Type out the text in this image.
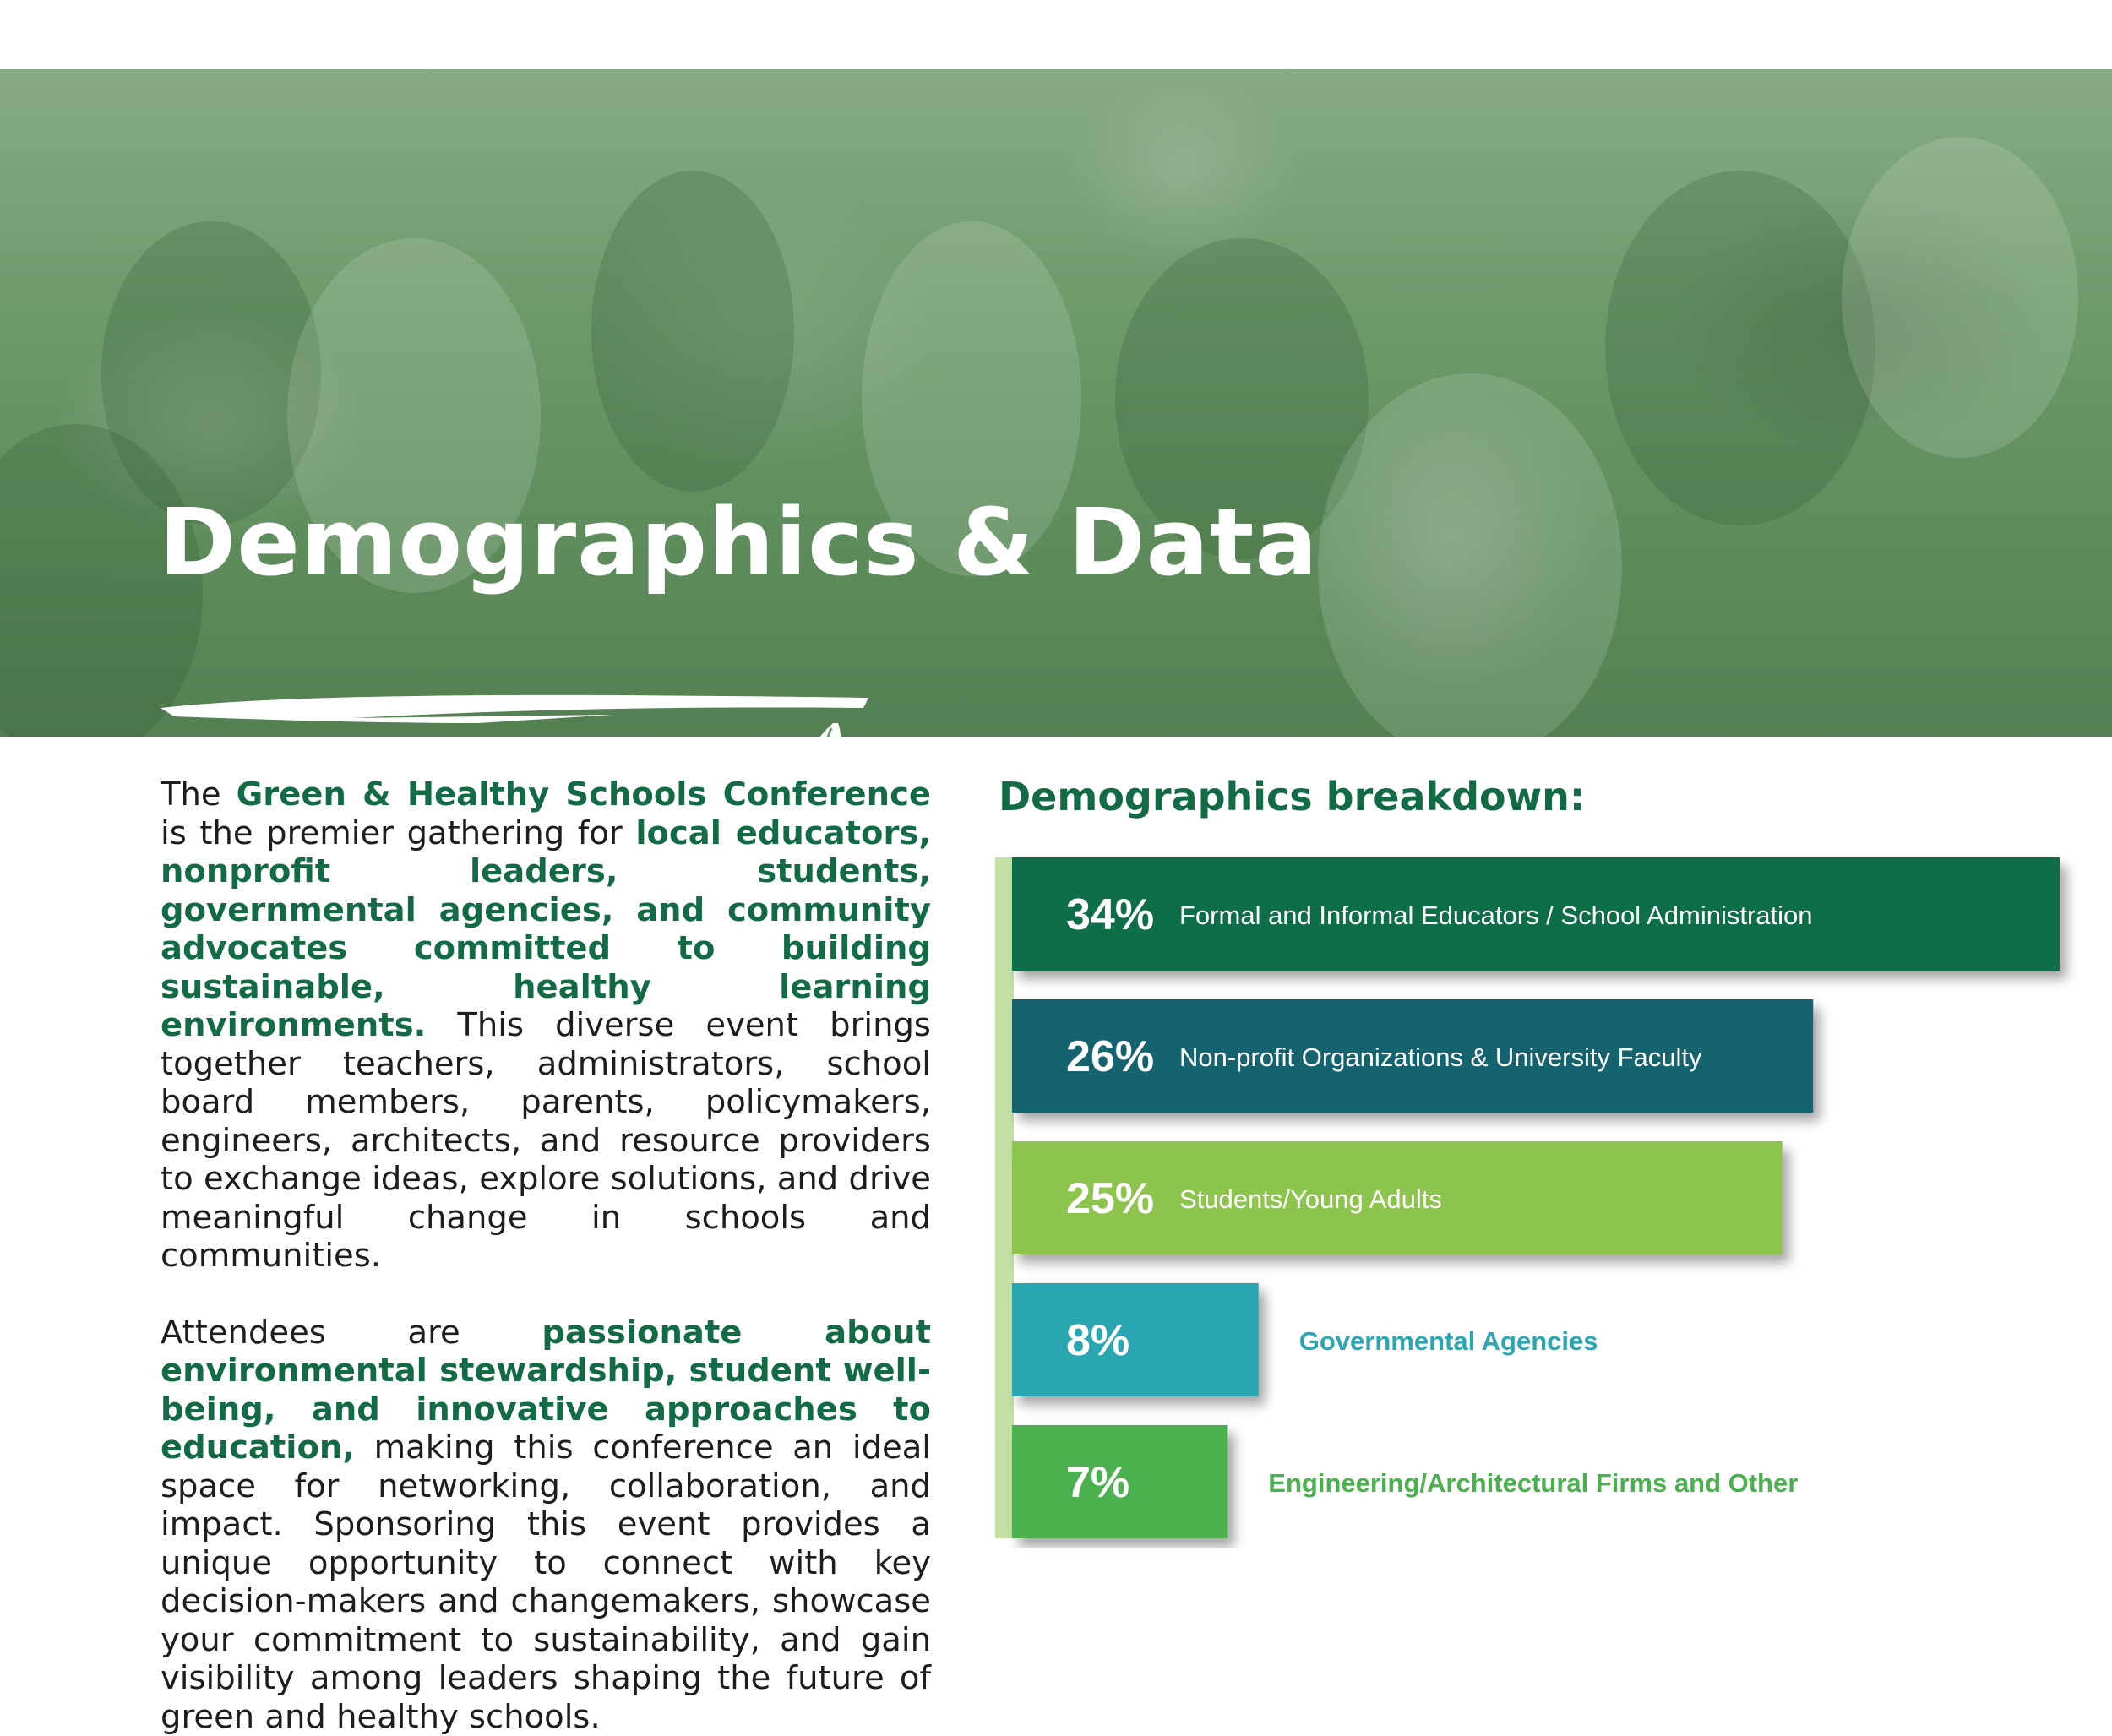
Demographics & Data

The Green & Healthy Schools Conference is the premier gathering for local educators, nonprofit leaders, students, governmental agencies, and community advocates committed to building sustainable, healthy learning environments. This diverse event brings together teachers, administrators, school board members, parents, policymakers, engineers, architects, and resource providers to exchange ideas, explore solutions, and drive meaningful change in schools and communities.

Attendees are passionate about environmental stewardship, student well-being, and innovative approaches to education, making this conference an ideal space for networking, collaboration, and impact. Sponsoring this event provides a unique opportunity to connect with key decision-makers and changemakers, showcase your commitment to sustainability, and gain visibility among leaders shaping the future of green and healthy schools.

Demographics breakdown:
34% Formal and Informal Educators / School Administration
26% Non-profit Organizations & University Faculty
25% Students/Young Adults
8%	Governmental Agencies
7%	Engineering/Architectural Firms and Other
